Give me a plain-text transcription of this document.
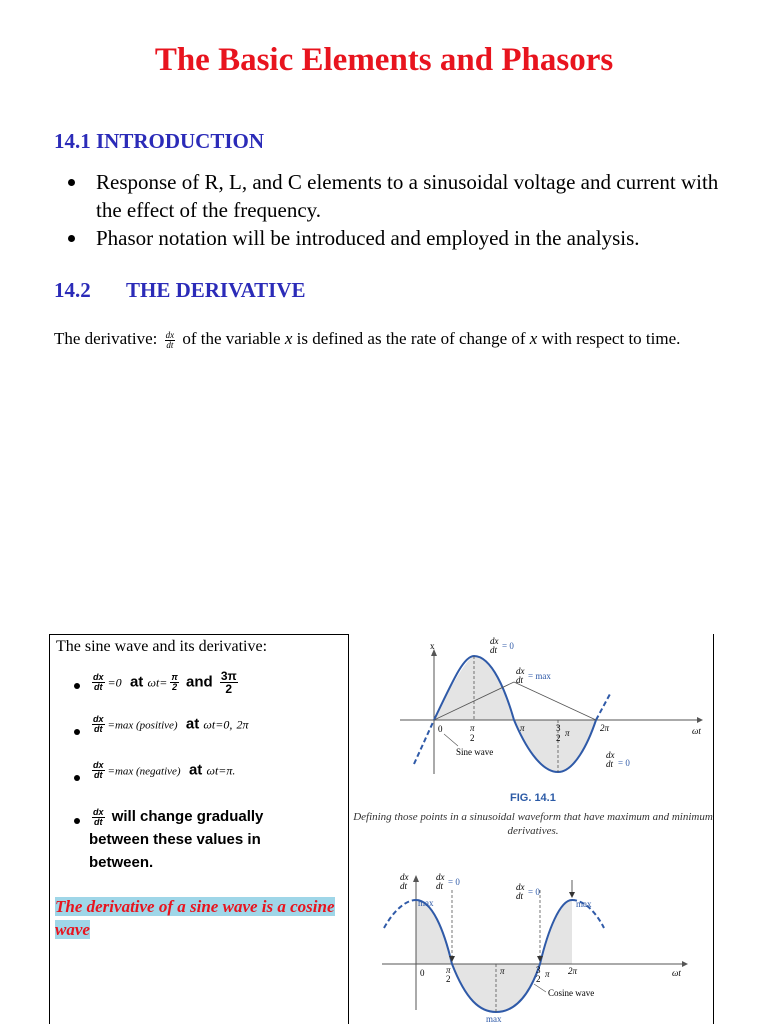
The Basic Elements and Phasors
14.1 INTRODUCTION
Response of R, L, and C elements to a sinusoidal voltage and current with the effect of the frequency.
Phasor notation will be introduced and employed in the analysis.
14.2 THE DERIVATIVE
The derivative: $\frac{dx}{dt}$ of the variable x is defined as the rate of change of x with respect to time.
The sine wave and its derivative:
$\frac{dx}{dt} =0$ at $\omega t= \frac{\pi}{2}$ and $\frac{3\pi}{2}$
$\frac{dx}{dt} =\max$ (positive) at ωt=0, 2π
$\frac{dx}{dt} =\max$ (negative) at ωt=π.
$\frac{dx}{dt}$ will change gradually between these values in between.
The derivative of a sine wave is a cosine wave
x	dx
dt = 0
dx
dt = max
0	π
2
π	3
2 π	2π	ωt
Sine wave	dx
dt = 0
FIG. 14.1
Defining those points in a sinusoidal waveform that have maximum and minimum derivatives.
dx
dt
dx
dt = 0	dx
dt = 0
max	max
max
0 π
2
π	3
2 π 2π	ωt
Cosine wave
